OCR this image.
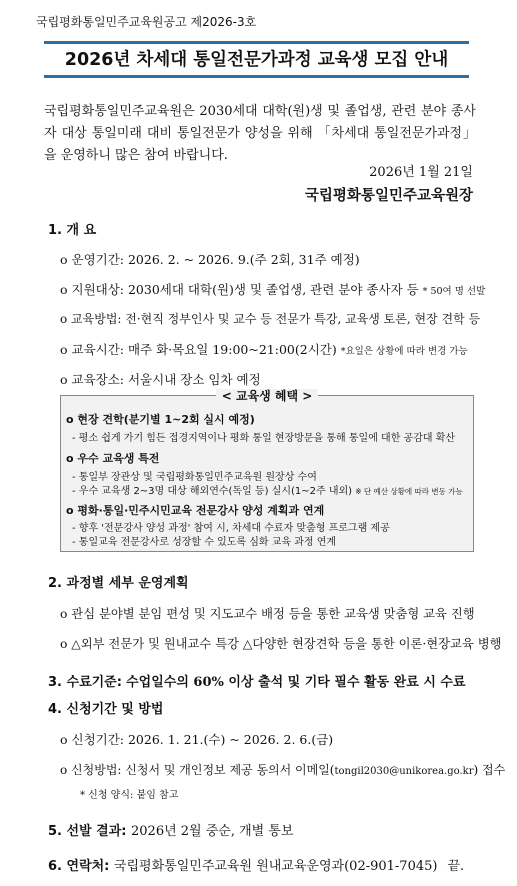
국립평화통일민주교육원공고 제2026-3호
2026년 차세대 통일전문가과정 교육생 모집 안내
국립평화통일민주교육원은 2030세대 대학(원)생 및 졸업생, 관련 분야 종사자 대상 통일미래 대비 통일전문가 양성을 위해 「차세대 통일전문가과정」을 운영하니 많은 참여 바랍니다.
2026년 1월 21일
국립평화통일민주교육원장
1. 개 요
o 운영기간: 2026. 2. ~ 2026. 9.(주 2회, 31주 예정)
o 지원대상: 2030세대 대학(원)생 및 졸업생, 관련 분야 종사자 등 * 50여 명 선발
o 교육방법: 전·현직 정부인사 및 교수 등 전문가 특강, 교육생 토론, 현장 견학 등
o 교육시간: 매주 화·목요일 19:00~21:00(2시간) *요일은 상황에 따라 변경 가능
o 교육장소: 서울시내 장소 임차 예정
< 교육생 혜택 >
o 현장 견학(분기별 1~2회 실시 예정)
- 평소 쉽게 가기 힘든 접경지역이나 평화 통일 현장방문을 통해 통일에 대한 공감대 확산
o 우수 교육생 특전
- 통일부 장관상 및 국립평화통일민주교육원 원장상 수여
- 우수 교육생 2~3명 대상 해외연수(독일 등) 실시(1~2주 내외) ※ 단 예산 상황에 따라 변동 가능
o 평화·통일·민주시민교육 전문강사 양성 계획과 연계
- 향후 '전문강사 양성 과정' 참여 시, 차세대 수료자 맞춤형 프로그램 제공
- 통일교육 전문강사로 성장할 수 있도록 심화 교육 과정 연계
2. 과정별 세부 운영계획
o 관심 분야별 분임 편성 및 지도교수 배정 등을 통한 교육생 맞춤형 교육 진행
o △외부 전문가 및 원내교수 특강 △다양한 현장견학 등을 통한 이론·현장교육 병행
3. 수료기준: 수업일수의 60% 이상 출석 및 기타 필수 활동 완료 시 수료
4. 신청기간 및 방법
o 신청기간: 2026. 1. 21.(수) ~ 2026. 2. 6.(금)
o 신청방법: 신청서 및 개인정보 제공 동의서 이메일(tongil2030@unikorea.go.kr) 접수
* 신청 양식: 붙임 참고
5. 선발 결과: 2026년 2월 중순, 개별 통보
6. 연락처: 국립평화통일민주교육원 원내교육운영과(02-901-7045) 끝.
